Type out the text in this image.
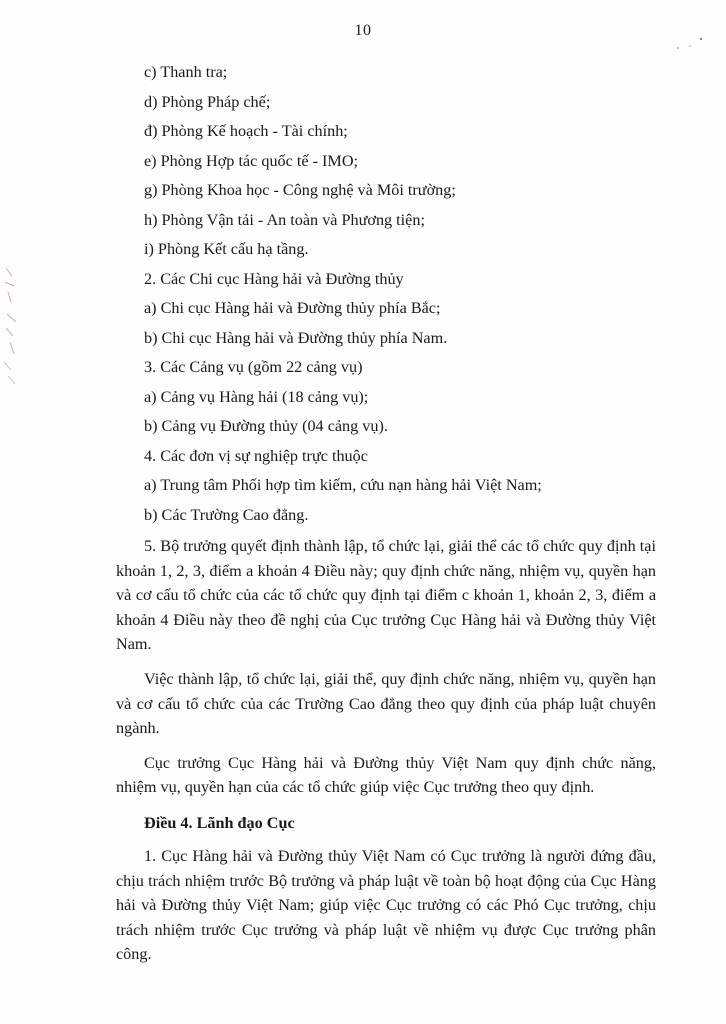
10

c) Thanh tra;

d) Phòng Pháp chế;

đ) Phòng Kế hoạch - Tài chính;

e) Phòng Hợp tác quốc tế - IMO;

g) Phòng Khoa học - Công nghệ và Môi trường;

h) Phòng Vận tải - An toàn và Phương tiện;

i) Phòng Kết cấu hạ tầng.

2. Các Chi cục Hàng hải và Đường thủy

a) Chi cục Hàng hải và Đường thủy phía Bắc;

b) Chi cục Hàng hải và Đường thủy phía Nam.

3. Các Cảng vụ (gồm 22 cảng vụ)

a) Cảng vụ Hàng hải (18 cảng vụ);

b) Cảng vụ Đường thủy (04 cảng vụ).

4. Các đơn vị sự nghiệp trực thuộc

a) Trung tâm Phối hợp tìm kiếm, cứu nạn hàng hải Việt Nam;

b) Các Trường Cao đẳng.

5. Bộ trưởng quyết định thành lập, tổ chức lại, giải thể các tổ chức quy định tại khoản 1, 2, 3, điểm a khoản 4 Điều này; quy định chức năng, nhiệm vụ, quyền hạn và cơ cấu tổ chức của các tổ chức quy định tại điểm c khoản 1, khoản 2, 3, điểm a khoản 4 Điều này theo đề nghị của Cục trưởng Cục Hàng hải và Đường thủy Việt Nam.

Việc thành lập, tổ chức lại, giải thể, quy định chức năng, nhiệm vụ, quyền hạn và cơ cấu tổ chức của các Trường Cao đẳng theo quy định của pháp luật chuyên ngành.

Cục trưởng Cục Hàng hải và Đường thủy Việt Nam quy định chức năng, nhiệm vụ, quyền hạn của các tổ chức giúp việc Cục trưởng theo quy định.

Điều 4. Lãnh đạo Cục

1. Cục Hàng hải và Đường thủy Việt Nam có Cục trưởng là người đứng đầu, chịu trách nhiệm trước Bộ trưởng và pháp luật về toàn bộ hoạt động của Cục Hàng hải và Đường thủy Việt Nam; giúp việc Cục trưởng có các Phó Cục trưởng, chịu trách nhiệm trước Cục trưởng và pháp luật về nhiệm vụ được Cục trưởng phân công.
